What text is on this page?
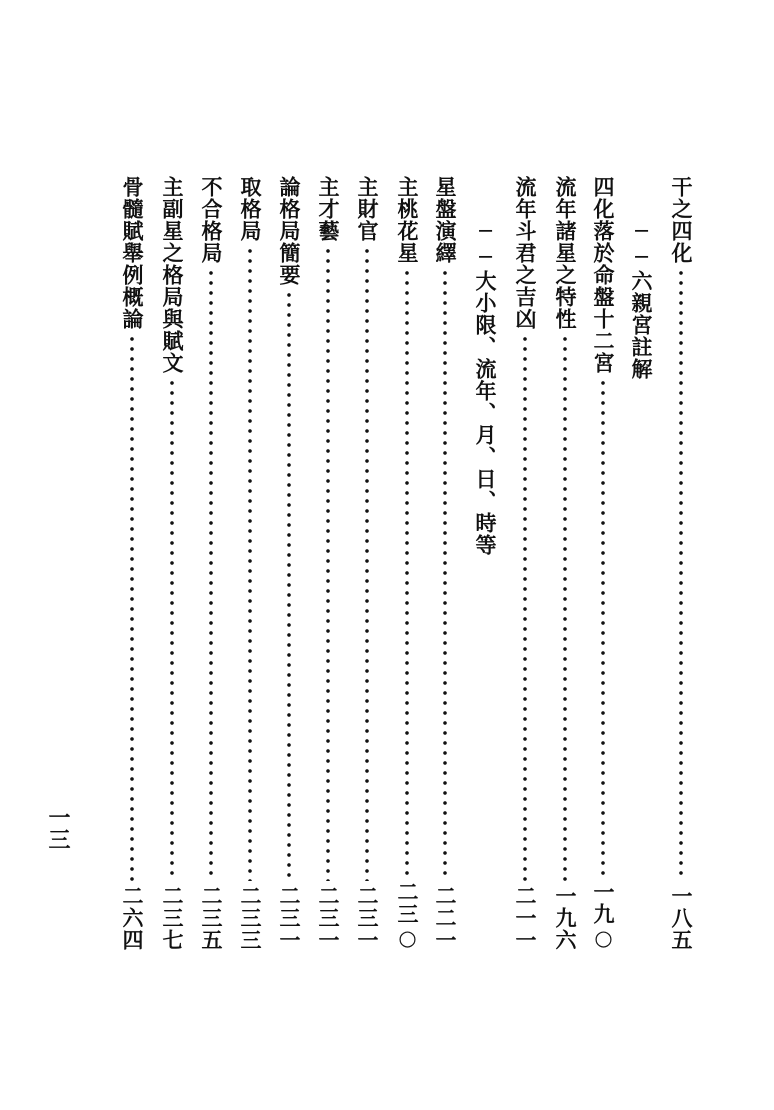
干之四化
一八五
──六親宮註解
四化落於命盤十二宮
一九○
流年諸星之特性
一九六
流年斗君之吉凶
二一一
──大小限、流年、月、日、時等
星盤演繹
二二一
主桃花星
二三○
主財官
二三一
主才藝
二三一
論格局簡要
二三一
取格局
二三三
不合格局
二三五
主副星之格局與賦文
二三七
骨髓賦舉例概論
二六四
一三
